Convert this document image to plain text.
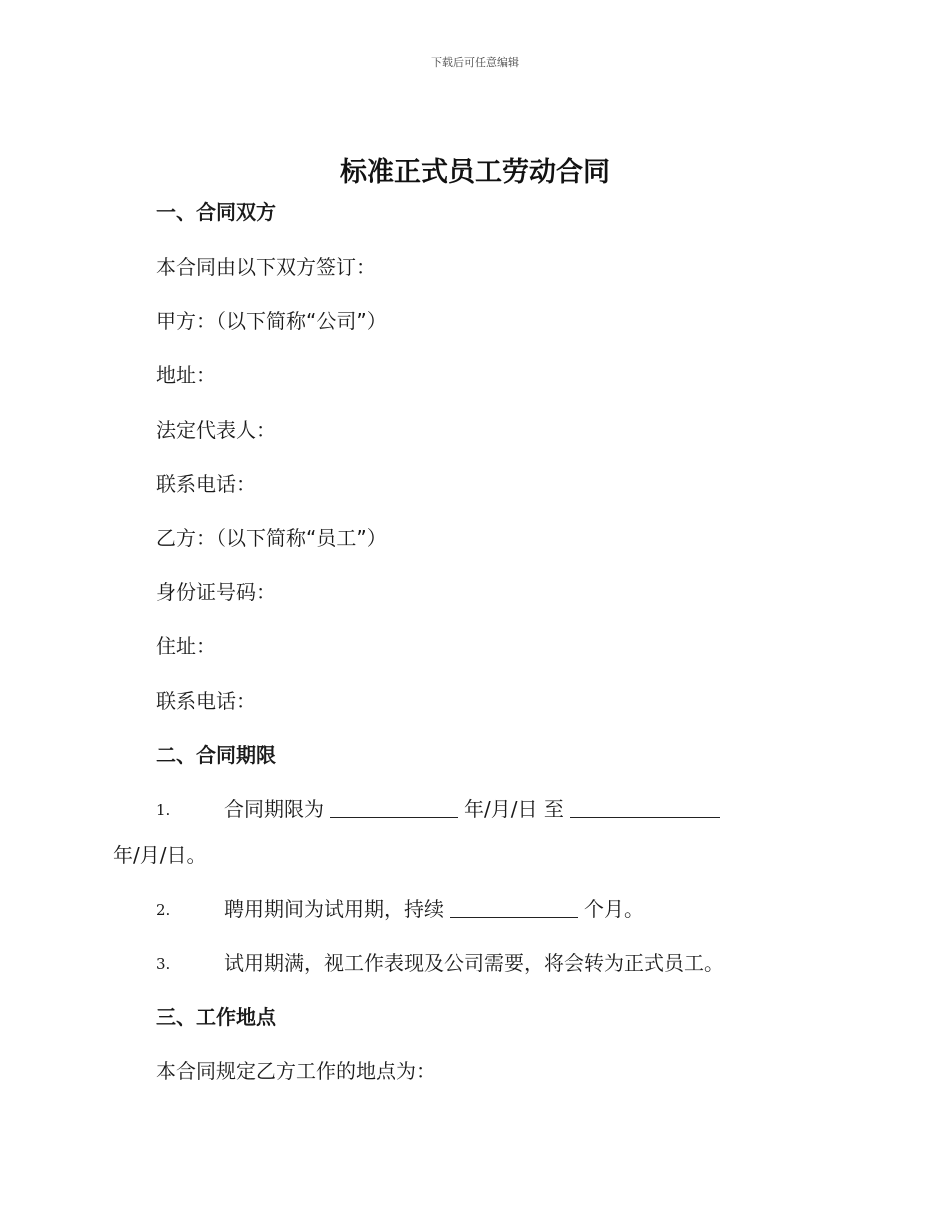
下载后可任意编辑
标准正式员工劳动合同
一、合同双方
本合同由以下双方签订：
甲方：（以下简称“公司”）
地址：
法定代表人：
联系电话：
乙方：（以下简称“员工”）
身份证号码：
住址：
联系电话：
二、合同期限
1.	合同期限为	年/月/日 至
年/月/日。
2.	聘用期间为试用期，持续	个月。
3.	试用期满，视工作表现及公司需要，将会转为正式员工。
三、工作地点
本合同规定乙方工作的地点为：
